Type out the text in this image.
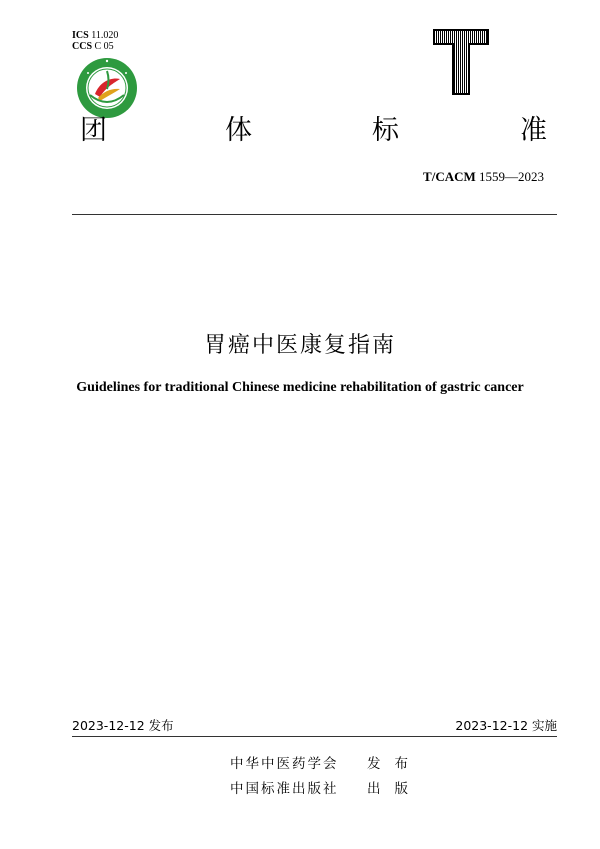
ICS 11.020
CCS C 05
团	体	标	准
T/CACM 1559—2023
胃癌中医康复指南
Guidelines for traditional Chinese medicine rehabilitation of gastric cancer
2023-12-12 发布	2023-12-12 实施
中华中医药学会 发布
中国标准出版社 出版
